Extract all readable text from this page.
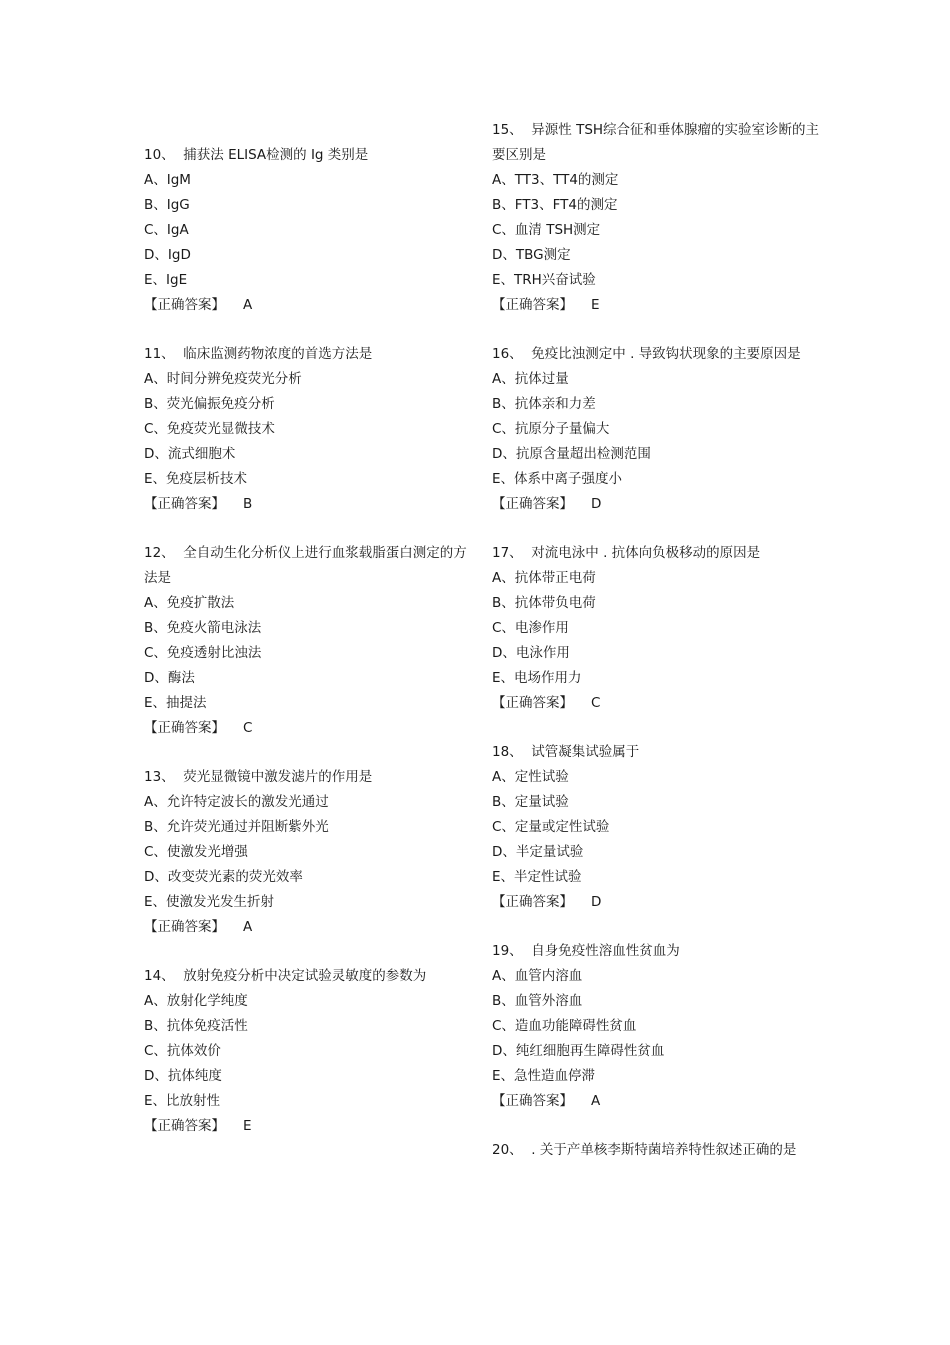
10、 捕获法 ELISA检测的 Ig 类别是
A、IgM
B、IgG
C、IgA
D、IgD
E、IgE
【正确答案】 A
11、 临床监测药物浓度的首选方法是
A、时间分辨免疫荧光分析
B、荧光偏振免疫分析
C、免疫荧光显微技术
D、流式细胞术
E、免疫层析技术
【正确答案】 B
12、 全自动生化分析仪上进行血浆载脂蛋白测定的方法是
A、免疫扩散法
B、免疫火箭电泳法
C、免疫透射比浊法
D、酶法
E、抽提法
【正确答案】 C
13、 荧光显微镜中激发滤片的作用是
A、允许特定波长的激发光通过
B、允许荧光通过并阻断紫外光
C、使激发光增强
D、改变荧光素的荧光效率
E、使激发光发生折射
【正确答案】 A
14、 放射免疫分析中决定试验灵敏度的参数为
A、放射化学纯度
B、抗体免疫活性
C、抗体效价
D、抗体纯度
E、比放射性
【正确答案】 E
15、 异源性 TSH综合征和垂体腺瘤的实验室诊断的主要区别是
A、TT3、TT4的测定
B、FT3、FT4的测定
C、血清 TSH测定
D、TBG测定
E、TRH兴奋试验
【正确答案】 E
16、 免疫比浊测定中 . 导致钩状现象的主要原因是
A、抗体过量
B、抗体亲和力差
C、抗原分子量偏大
D、抗原含量超出检测范围
E、体系中离子强度小
【正确答案】 D
17、 对流电泳中 . 抗体向负极移动的原因是
A、抗体带正电荷
B、抗体带负电荷
C、电渗作用
D、电泳作用
E、电场作用力
【正确答案】 C
18、 试管凝集试验属于
A、定性试验
B、定量试验
C、定量或定性试验
D、半定量试验
E、半定性试验
【正确答案】 D
19、 自身免疫性溶血性贫血为
A、血管内溶血
B、血管外溶血
C、造血功能障碍性贫血
D、纯红细胞再生障碍性贫血
E、急性造血停滞
【正确答案】 A
20、 . 关于产单核李斯特菌培养特性叙述正确的是
